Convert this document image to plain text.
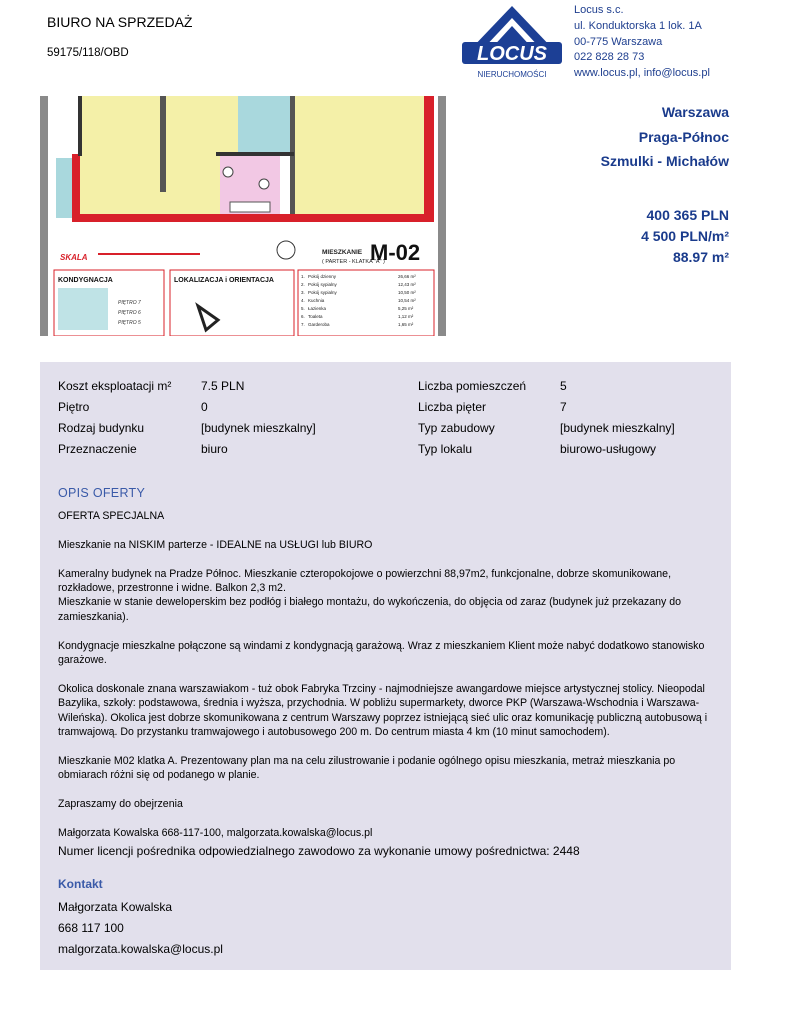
BIURO NA SPRZEDAŻ
59175/118/OBD	LOCUS
NIERUCHOMOŚCI
Locus s.c.
ul. Konduktorska 1 lok. 1A
00-775 Warszawa
022 828 28 73
www.locus.pl, info@locus.pl
SKALA
MIESZKANIE
( PARTER - KLATKA "A" )
M-02
KONDYGNACJA
PIĘTRO 7
PIĘTRO 6
PIĘTRO 5
LOKALIZACJA i ORIENTACJA
1. Pokój dzienny	26,66 m²
2. Pokój sypialny	12,43 m²
3. Pokój sypialny	10,50 m²
4. Kuchnia	10,54 m²
5. Łazienka	5,25 m²
6. Toaleta	1,12 m²
7. Garderoba	1,65 m²
Warszawa
Praga-Północ
Szmulki - Michałów
400 365 PLN
4 500 PLN/m²
88.97 m²
Koszt eksploatacji m² 7.5 PLN	Liczba pomieszczeń	5
Piętro	0	Liczba pięter	7
Rodzaj budynku	[budynek mieszkalny]	Typ zabudowy	[budynek mieszkalny]
Przeznaczenie	biuro	Typ lokalu	biurowo-usługowy
OPIS OFERTY

OFERTA SPECJALNA

Mieszkanie na NISKIM parterze - IDEALNE na USŁUGI lub BIURO

Kameralny budynek na Pradze Północ. Mieszkanie czteropokojowe o powierzchni 88,97m2, funkcjonalne, dobrze skomunikowane, rozkładowe, przestronne i widne. Balkon 2,3 m2.
Mieszkanie w stanie deweloperskim bez podłóg i białego montażu, do wykończenia, do objęcia od zaraz (budynek już przekazany do zamieszkania).

Kondygnacje mieszkalne połączone są windami z kondygnacją garażową. Wraz z mieszkaniem Klient może nabyć dodatkowo stanowisko garażowe.

Okolica doskonale znana warszawiakom - tuż obok Fabryka Trzciny - najmodniejsze awangardowe miejsce artystycznej stolicy. Nieopodal Bazylika, szkoły: podstawowa, średnia i wyższa, przychodnia. W pobliżu supermarkety, dworce PKP (Warszawa-Wschodnia i Warszawa-Wileńska). Okolica jest dobrze skomunikowana z centrum Warszawy poprzez istniejącą sieć ulic oraz komunikację publiczną autobusową i tramwajową. Do przystanku tramwajowego i autobusowego 200 m. Do centrum miasta 4 km (10 minut samochodem).

Mieszkanie M02 klatka A. Prezentowany plan ma na celu zilustrowanie i podanie ogólnego opisu mieszkania, metraż mieszkania po obmiarach różni się od podanego w planie.

Zapraszamy do obejrzenia

Małgorzata Kowalska 668-117-100, malgorzata.kowalska@locus.pl

Numer licencji pośrednika odpowiedzialnego zawodowo za wykonanie umowy pośrednictwa: 2448
Kontakt
Małgorzata Kowalska
668 117 100
malgorzata.kowalska@locus.pl
